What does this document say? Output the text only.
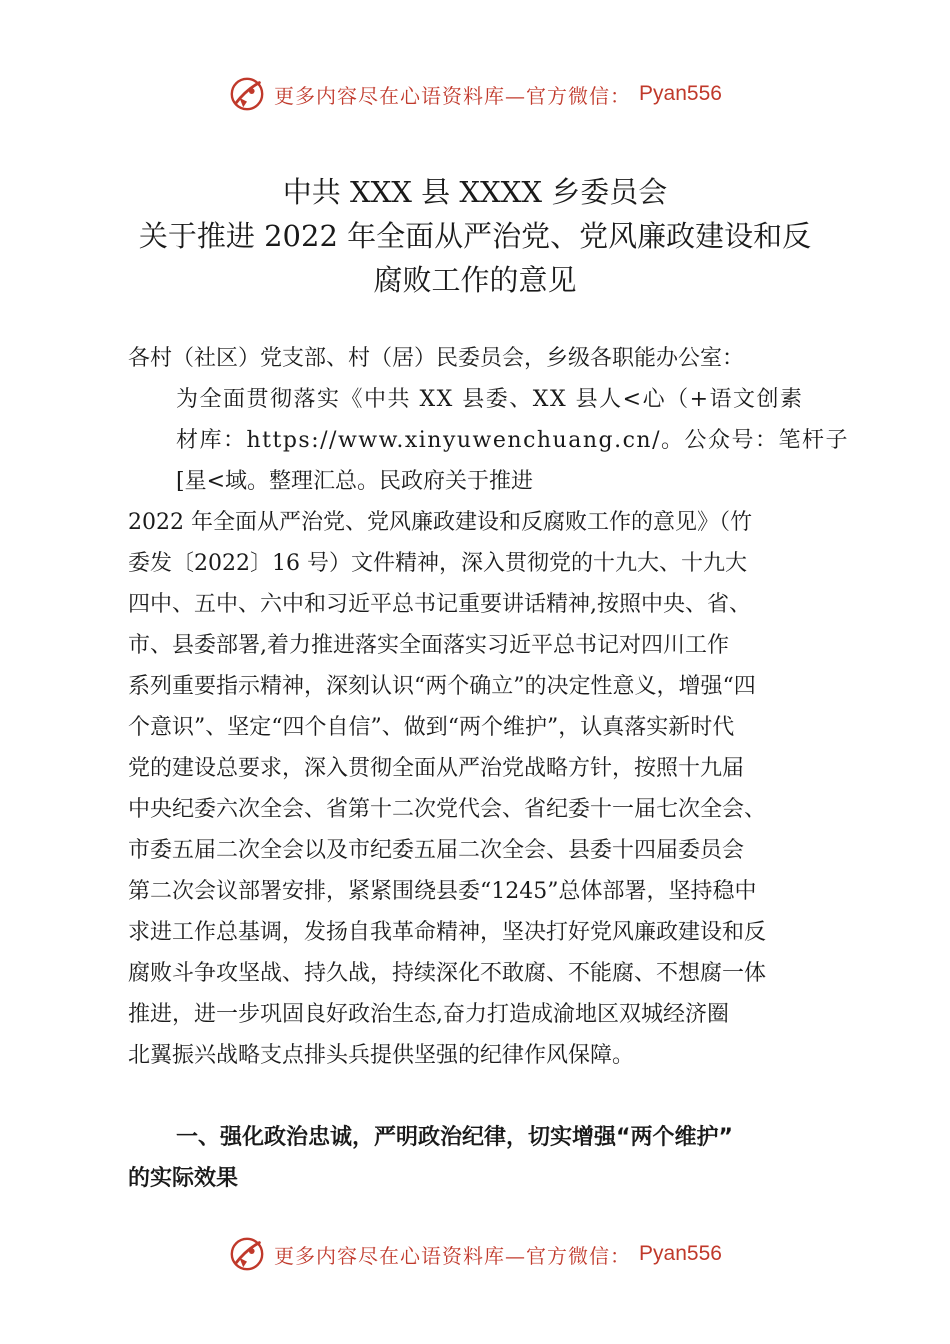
更多内容尽在心语资料库—官方微信： Pyan556
中共 XXX 县 XXXX 乡委员会
关于推进 2022 年全面从严治党、党风廉政建设和反
腐败工作的意见
各村（社区）党支部、村（居）民委员会，乡级各职能办公室：
为全面贯彻落实《中共 XX 县委、XX 县人<心（+语文创素
材库：https://www.xinyuwenchuang.cn/。公众号：笔杆子
[星<域。整理汇总。民政府关于推进
2022 年全面从严治党、党风廉政建设和反腐败工作的意见》（竹
委发〔2022〕16 号）文件精神，深入贯彻党的十九大、十九大
四中、五中、六中和习近平总书记重要讲话精神,按照中央、省、
市、县委部署,着力推进落实全面落实习近平总书记对四川工作
系列重要指示精神，深刻认识“两个确立”的决定性意义，增强“四
个意识”、坚定“四个自信”、做到“两个维护”，认真落实新时代
党的建设总要求，深入贯彻全面从严治党战略方针，按照十九届
中央纪委六次全会、省第十二次党代会、省纪委十一届七次全会、
市委五届二次全会以及市纪委五届二次全会、县委十四届委员会
第二次会议部署安排，紧紧围绕县委“1245”总体部署，坚持稳中
求进工作总基调，发扬自我革命精神，坚决打好党风廉政建设和反
腐败斗争攻坚战、持久战，持续深化不敢腐、不能腐、不想腐一体
推进，进一步巩固良好政治生态,奋力打造成渝地区双城经济圈
北翼振兴战略支点排头兵提供坚强的纪律作风保障。
一、强化政治忠诚，严明政治纪律，切实增强“两个维护”
的实际效果
更多内容尽在心语资料库—官方微信： Pyan556
